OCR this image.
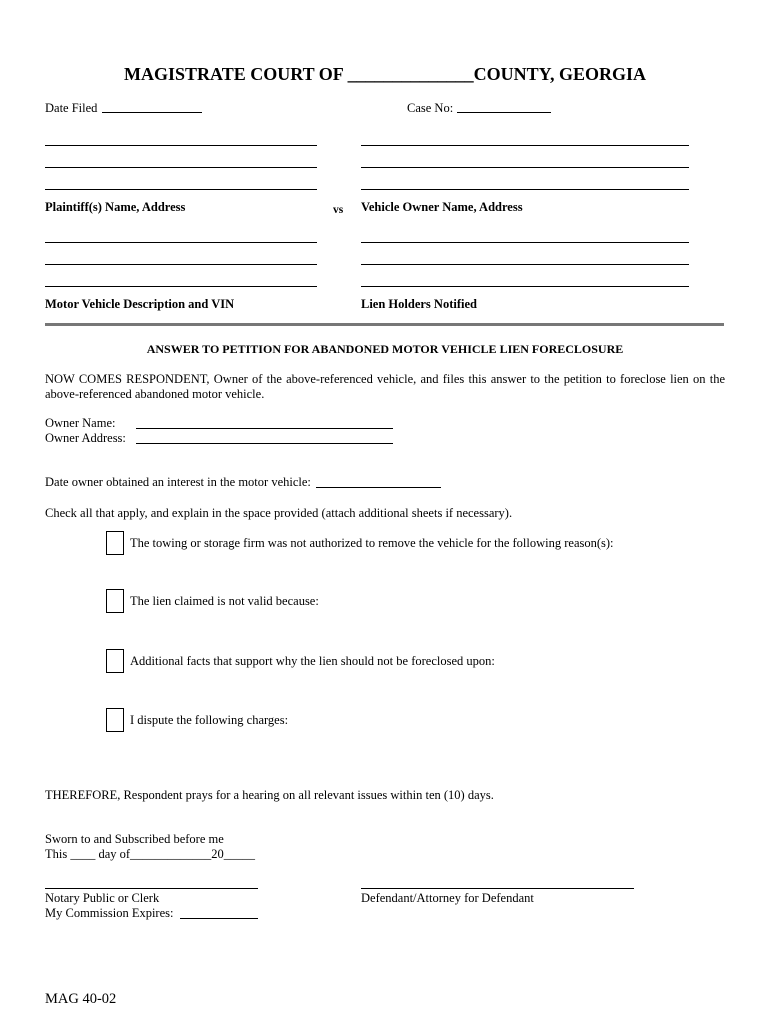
MAGISTRATE COURT OF ______________COUNTY, GEORGIA
Date Filed	Case No:
Plaintiff(s) Name, Address	vs Vehicle Owner Name, Address
Motor Vehicle Description and VIN	Lien Holders Notified
ANSWER TO PETITION FOR ABANDONED MOTOR VEHICLE LIEN FORECLOSURE
NOW COMES RESPONDENT, Owner of the above-referenced vehicle, and files this answer to the petition to foreclose lien on the above-referenced abandoned motor vehicle.
Owner Name:
Owner Address:
Date owner obtained an interest in the motor vehicle:
Check all that apply, and explain in the space provided (attach additional sheets if necessary).
The towing or storage firm was not authorized to remove the vehicle for the following reason(s):
The lien claimed is not valid because:
Additional facts that support why the lien should not be foreclosed upon:
I dispute the following charges:
THEREFORE, Respondent prays for a hearing on all relevant issues within ten (10) days.
Sworn to and Subscribed before me
This ____ day of_____________20_____
Notary Public or Clerk
My Commission Expires:
Defendant/Attorney for Defendant
MAG 40-02
